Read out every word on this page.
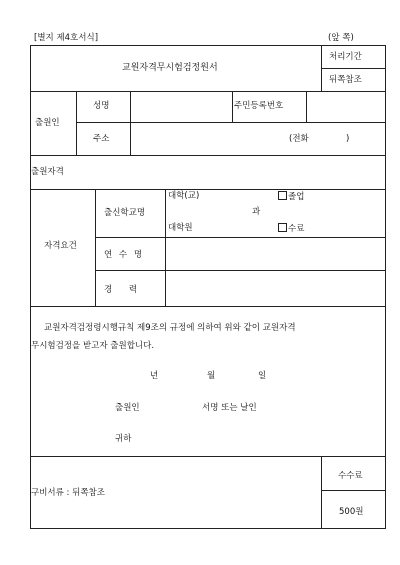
[별지 제4호서식]	(앞 쪽)
교원자격무시험검정원서
처리기간
뒤쪽참조
출원인
성명	주민등록번호
주소	(전화	)
출원자격
자격요건
출신학교명
대학(교)	졸업
과
대학원	수료
연 수 명
경 력
교원자격검정령시행규칙 제9조의 규정에 의하여 위와 같이 교원자격
무시험검정을 받고자 출원합니다.
년	월	일
출원인	서명 또는 날인
귀하
구비서류 : 뒤쪽참조
수수료
500원
